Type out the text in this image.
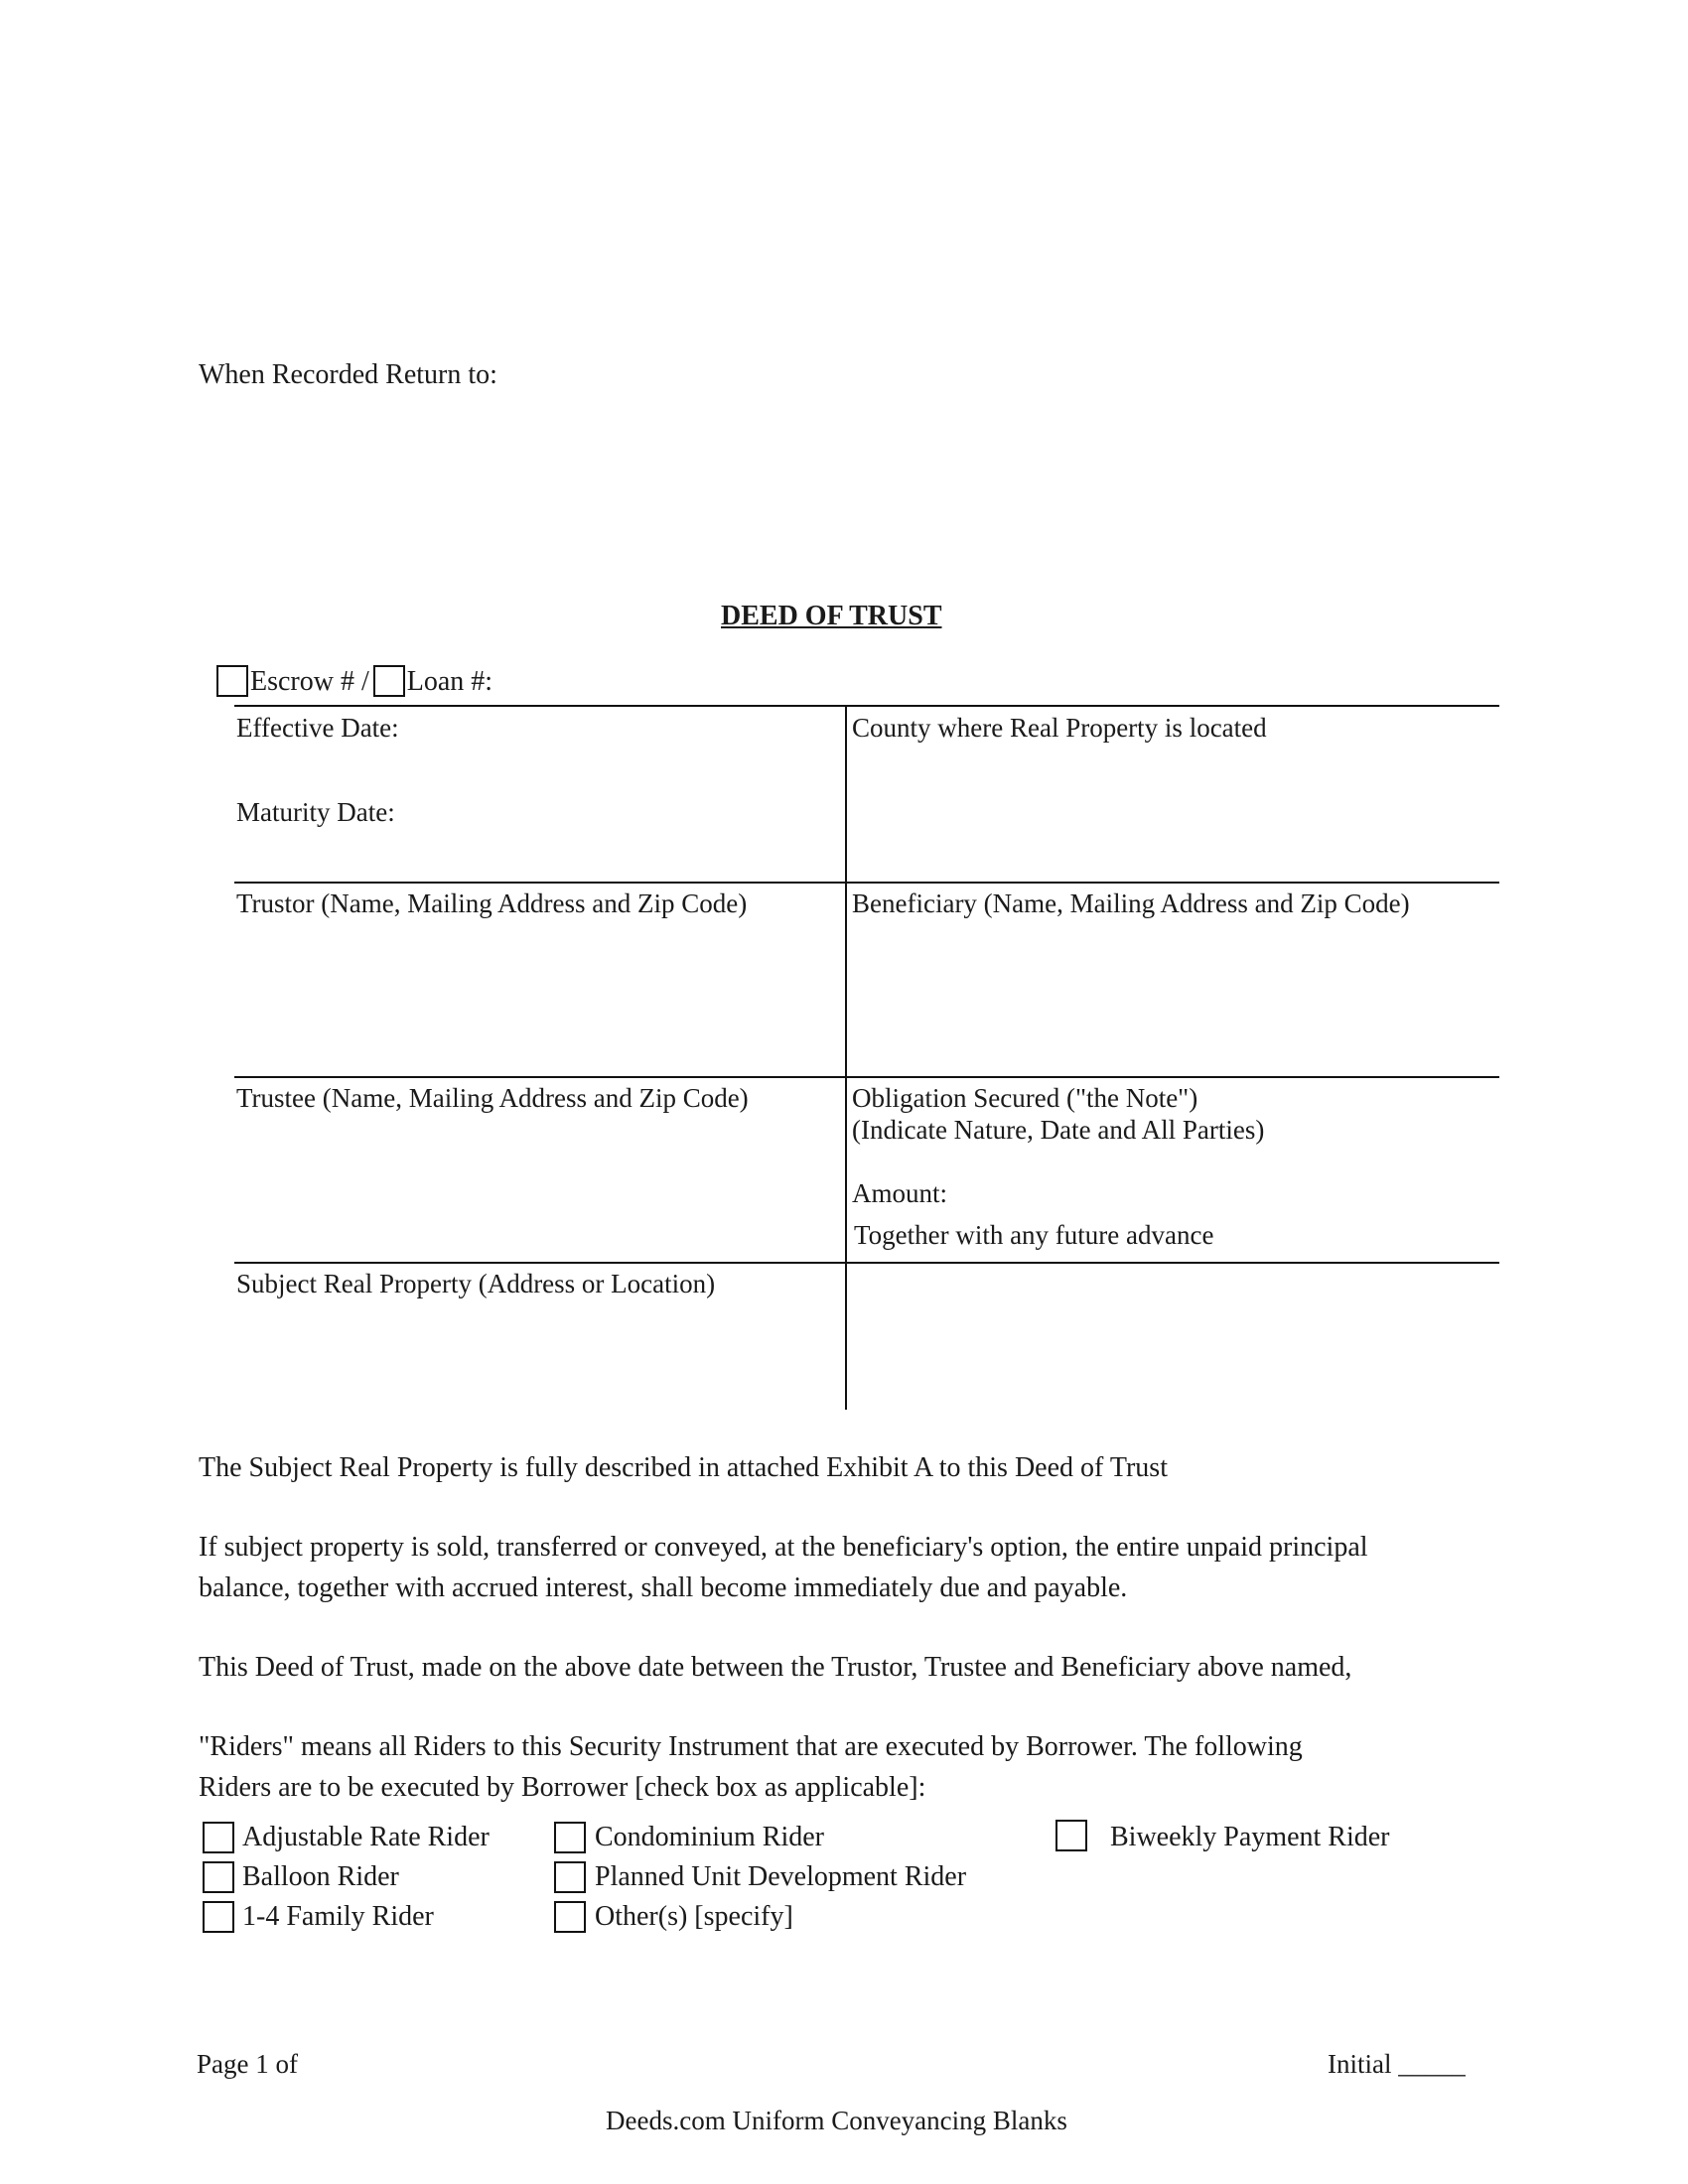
When Recorded Return to:
DEED OF TRUST
Escrow # / Loan #:
Effective Date:
Maturity Date:
Trustor (Name, Mailing Address and Zip Code)
Trustee (Name, Mailing Address and Zip Code)
Subject Real Property (Address or Location)
County where Real Property is located
Beneficiary (Name, Mailing Address and Zip Code)
Obligation Secured ("the Note")
(Indicate Nature, Date and All Parties)
Amount:
Together with any future advance
The Subject Real Property is fully described in attached Exhibit A to this Deed of Trust
If subject property is sold, transferred or conveyed, at the beneficiary's option, the entire unpaid principal
balance, together with accrued interest, shall become immediately due and payable.
This Deed of Trust, made on the above date between the Trustor, Trustee and Beneficiary above named,
"Riders" means all Riders to this Security Instrument that are executed by Borrower. The following
Riders are to be executed by Borrower [check box as applicable]:
Adjustable Rate Rider
Balloon Rider
1-4 Family Rider
Condominium Rider
Planned Unit Development Rider
Other(s) [specify]
Biweekly Payment Rider
Page 1 of	Initial _____
Deeds.com Uniform Conveyancing Blanks
